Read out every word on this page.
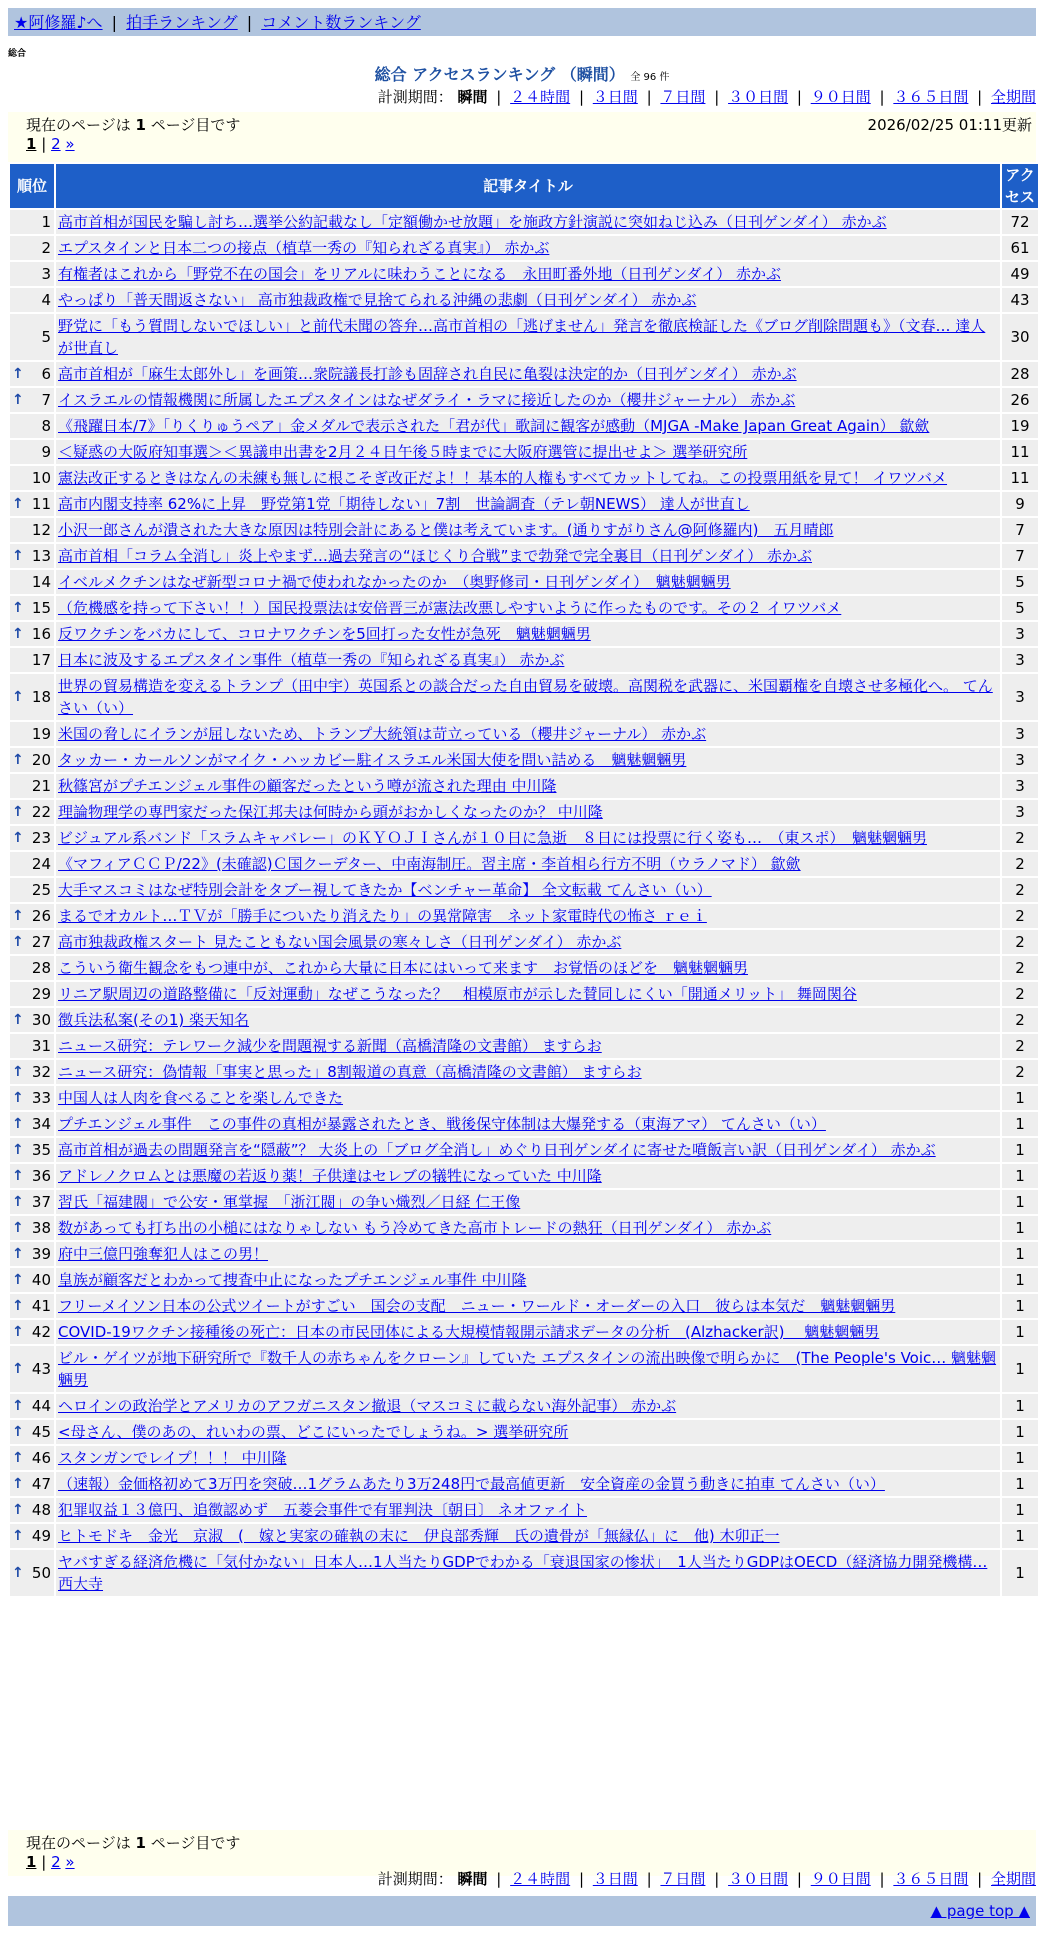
★阿修羅♪へ | 拍手ランキング | コメント数ランキング
総合
総合 アクセスランキング （瞬間） 全 96 件
計測期間： 瞬間 | ２４時間 | ３日間 | ７日間 | ３０日間 | ９０日間 | ３６５日間 | 全期間
現在のページは 1 ページ目です	2026/02/25 01:11更新
1 | 2 »
順位	記事タイトル	アクセス
1	高市首相が国民を騙し討ち…選挙公約記載なし「定額働かせ放題」を施政方針演説に突如ねじ込み（日刊ゲンダイ） 赤かぶ	72
2	エプスタインと日本二つの接点（植草一秀の『知られざる真実』） 赤かぶ	61
3	有権者はこれから「野党不在の国会」をリアルに味わうことになる　永田町番外地（日刊ゲンダイ） 赤かぶ	49
4	やっぱり「普天間返さない」 高市独裁政権で見捨てられる沖縄の悲劇（日刊ゲンダイ） 赤かぶ	43
5	野党に「もう質問しないでほしい」と前代未聞の答弁…高市首相の「逃げません」発言を徹底検証した《ブログ削除問題も》（文春… 達人が世直し	30

↑ 6	高市首相が「麻生太郎外し」を画策…衆院議長打診も固辞され自民に亀裂は決定的か（日刊ゲンダイ） 赤かぶ	28

↑ 7	イスラエルの情報機関に所属したエプスタインはなぜダライ・ラマに接近したのか（櫻井ジャーナル） 赤かぶ	26
8	《飛躍日本/7》「りくりゅうペア」金メダルで表示された「君が代」歌詞に観客が感動（MJGA -Make Japan Great Again） 歙歛	19
9	＜疑惑の大阪府知事選＞＜異議申出書を2月２４日午後５時までに大阪府選管に提出せよ＞ 選挙研究所	11
10	憲法改正するときはなんの未練も無しに根こそぎ改正だよ！！基本的人権もすべてカットしてね。この投票用紙を見て！ イワツバメ	11

↑ 11	高市内閣支持率 62%に上昇　野党第1党「期待しない」7割　世論調査（テレ朝NEWS） 達人が世直し	9
12	小沢一郎さんが潰された大きな原因は特別会計にあると僕は考えています。(通りすがりさん@阿修羅内)　五月晴郎	7

↑ 13	高市首相「コラム全消し」炎上やまず…過去発言の“ほじくり合戦”まで勃発で完全裏目（日刊ゲンダイ） 赤かぶ	7
14	イベルメクチンはなぜ新型コロナ禍で使われなかったのか　（奥野修司・日刊ゲンダイ）　魑魅魍魎男	5

↑ 15	（危機感を持って下さい！！）国民投票法は安倍晋三が憲法改悪しやすいように作ったものです。その２ イワツバメ	5

↑ 16	反ワクチンをバカにして、コロナワクチンを5回打った女性が急死　魑魅魍魎男	3
17	日本に波及するエプスタイン事件（植草一秀の『知られざる真実』） 赤かぶ	3

↑ 18	世界の貿易構造を変えるトランプ（田中宇）英国系との談合だった自由貿易を破壊。高関税を武器に、米国覇権を自壊させ多極化へ。 てんさい（い）	3
19	米国の脅しにイランが屈しないため、トランプ大統領は苛立っている（櫻井ジャーナル） 赤かぶ	3

↑ 20	タッカー・カールソンがマイク・ハッカビー駐イスラエル米国大使を問い詰める　魑魅魍魎男	3
21	秋篠宮がプチエンジェル事件の顧客だったという噂が流された理由 中川隆	3

↑ 22	理論物理学の専門家だった保江邦夫は何時から頭がおかしくなったのか？ 中川隆	3

↑ 23	ビジュアル系バンド「スラムキャバレー」のＫＹＯＪＩさんが１０日に急逝　８日には投票に行く姿も…　（東スポ）　魑魅魍魎男	2
24	《マフィアＣＣＰ/22》(未確認)Ｃ国クーデター、中南海制圧。習主席・李首相ら行方不明（ウラノマド） 歙歛	2
25	大手マスコミはなぜ特別会計をタブー視してきたか【ベンチャー革命】 全文転載 てんさい（い）	2

↑ 26	まるでオカルト…ＴＶが「勝手についたり消えたり」の異常障害　ネット家電時代の怖さ ｒｅｉ	2

↑ 27	高市独裁政権スタート 見たこともない国会風景の寒々しさ（日刊ゲンダイ） 赤かぶ	2
28	こういう衛生観念をもつ連中が、これから大量に日本にはいって来ます　お覚悟のほどを　魑魅魍魎男	2
29	リニア駅周辺の道路整備に「反対運動」なぜこうなった？　相模原市が示した賛同しにくい「開通メリット」 舞岡関谷	2

↑ 30	徴兵法私案(その1) 楽天知名	2
31	ニュース研究：テレワーク減少を問題視する新聞（高橋清隆の文書館） ますらお	2

↑ 32	ニュース研究：偽情報「事実と思った」8割報道の真意（高橋清隆の文書館） ますらお	2

↑ 33	中国人は人肉を食べることを楽しんできた	1

↑ 34	プチエンジェル事件　この事件の真相が暴露されたとき、戦後保守体制は大爆発する（東海アマ） てんさい（い）	1

↑ 35	高市首相が過去の問題発言を“隠蔽”？ 大炎上の「ブログ全消し」めぐり日刊ゲンダイに寄せた噴飯言い訳（日刊ゲンダイ） 赤かぶ	1

↑ 36	アドレノクロムとは悪魔の若返り薬！子供達はセレブの犠牲になっていた 中川隆	1

↑ 37	習氏「福建閥」で公安・軍掌握　「浙江閥」の争い熾烈／日経 仁王像	1

↑ 38	数があっても打ち出の小槌にはなりゃしない もう冷めてきた高市トレードの熱狂（日刊ゲンダイ） 赤かぶ	1

↑ 39	府中三億円強奪犯人はこの男！	1

↑ 40	皇族が顧客だとわかって捜査中止になったプチエンジェル事件 中川隆	1

↑ 41	フリーメイソン日本の公式ツイートがすごい　国会の支配　ニュー・ワールド・オーダーの入口　彼らは本気だ　魑魅魍魎男	1

↑ 42	COVID-19ワクチン接種後の死亡：日本の市民団体による大規模情報開示請求データの分析　(Alzhacker訳)　 魑魅魍魎男	1

↑ 43	ビル・ゲイツが地下研究所で『数千人の赤ちゃんをクローン』していた エプスタインの流出映像で明らかに　(The People's Voic… 魑魅魍魎男	1

↑ 44	ヘロインの政治学とアメリカのアフガニスタン撤退（マスコミに載らない海外記事） 赤かぶ	1

↑ 45	<母さん、僕のあの、れいわの票、どこにいったでしょうね。> 選挙研究所	1

↑ 46	スタンガンでレイプ！！！ 中川隆	1

↑ 47	（速報）金価格初めて3万円を突破…1グラムあたり3万248円で最高値更新　安全資産の金買う動きに拍車 てんさい（い）	1

↑ 48	犯罪収益１３億円、追徴認めず　五菱会事件で有罪判決〔朝日〕 ネオファイト	1

↑ 49	ヒトモドキ　金光　京淑　(　嫁と実家の確執の末に　伊良部秀輝　氏の遺骨が「無縁仏」に　他) 木卯正一	1

↑ 50	ヤバすぎる経済危機に「気付かない」日本人…1人当たりGDPでわかる「衰退国家の惨状」　1人当たりGDPはOECD（経済協力開発機構… 西大寺	1
現在のページは 1 ページ目です
1 | 2 »
計測期間： 瞬間 | ２４時間 | ３日間 | ７日間 | ３０日間 | ９０日間 | ３６５日間 | 全期間
▲ page top ▲
